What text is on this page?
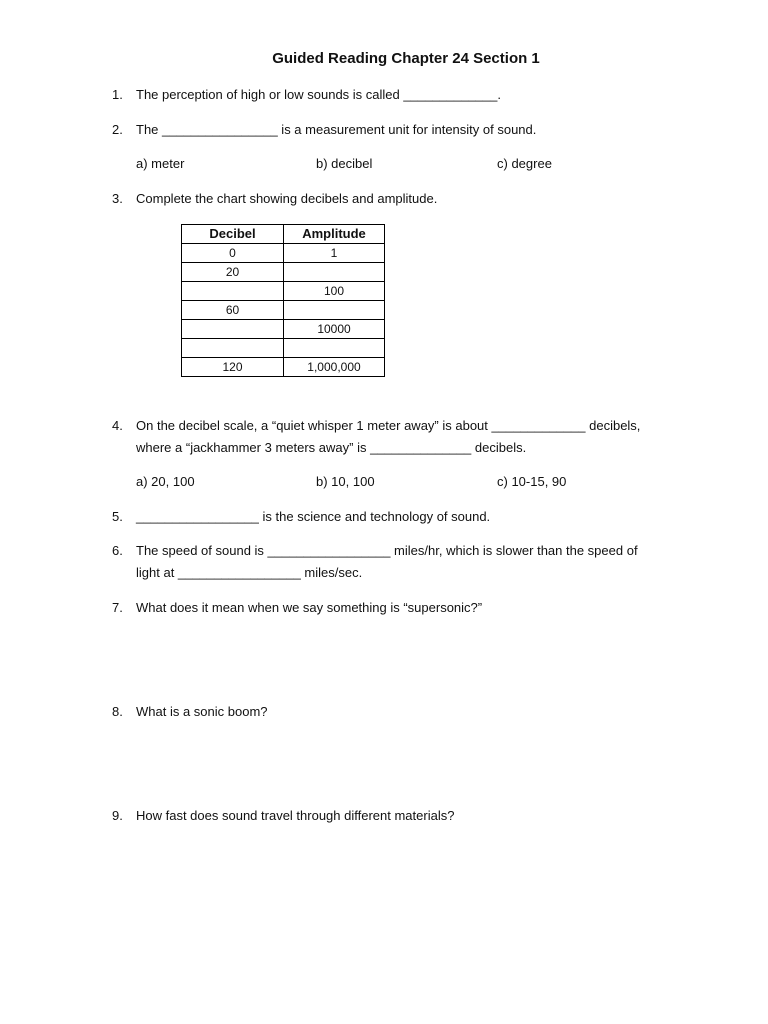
Guided Reading Chapter 24 Section 1
1.	The perception of high or low sounds is called _____________.
2.	The ________________ is a measurement unit for intensity of sound.
a) meter	b) decibel	c) degree
3.	Complete the chart showing decibels and amplitude.
Decibel	Amplitude
0	1
20	
	100
60	
	10000

120	1,000,000
4.	On the decibel scale, a “quiet whisper 1 meter away” is about _____________ decibels,
where a “jackhammer 3 meters away” is ______________ decibels.
a) 20, 100	b) 10, 100	c) 10-15, 90
5.	_________________ is the science and technology of sound.
6.	The speed of sound is _________________ miles/hr, which is slower than the speed of
light at _________________ miles/sec.
7.	What does it mean when we say something is “supersonic?”
8.	What is a sonic boom?
9.	How fast does sound travel through different materials?
